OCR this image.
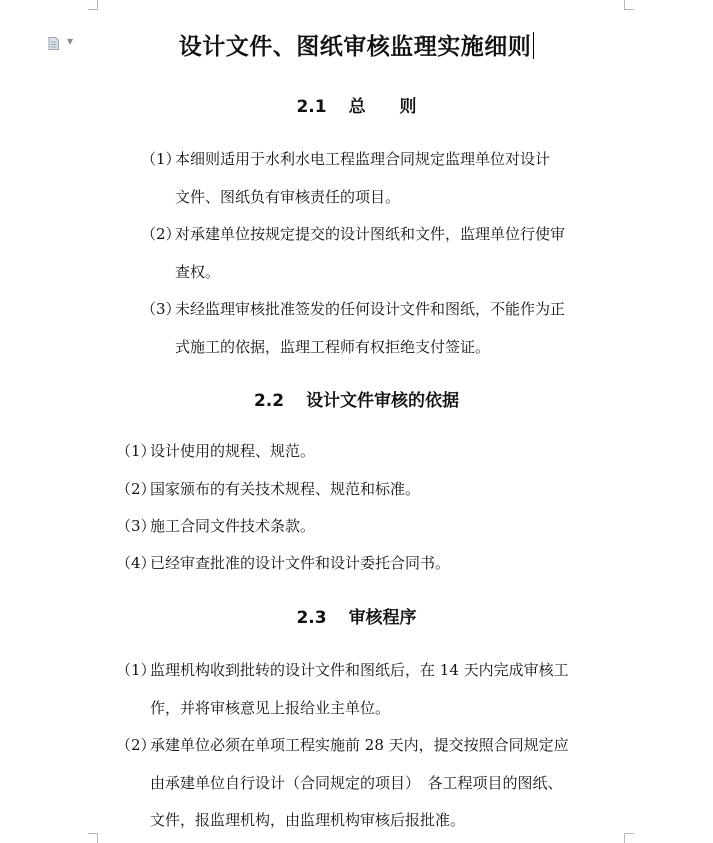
▼	设计文件、图纸审核监理实施细则
2.1 总则
（1）本细则适用于水利水电工程监理合同规定监理单位对设计
文件、图纸负有审核责任的项目。
（2）对承建单位按规定提交的设计图纸和文件，监理单位行使审
查权。
（3）未经监理审核批准签发的任何设计文件和图纸，不能作为正
式施工的依据，监理工程师有权拒绝支付签证。
2.2 设计文件审核的依据
（1）设计使用的规程、规范。
（2）国家颁布的有关技术规程、规范和标准。
（3）施工合同文件技术条款。
（4）已经审查批准的设计文件和设计委托合同书。
2.3 审核程序
（1）监理机构收到批转的设计文件和图纸后，在 14 天内完成审核工
作，并将审核意见上报给业主单位。
（2）承建单位必须在单项工程实施前 28 天内，提交按照合同规定应
由承建单位自行设计（合同规定的项目）　各工程项目的图纸、
文件，报监理机构，由监理机构审核后报批准。
